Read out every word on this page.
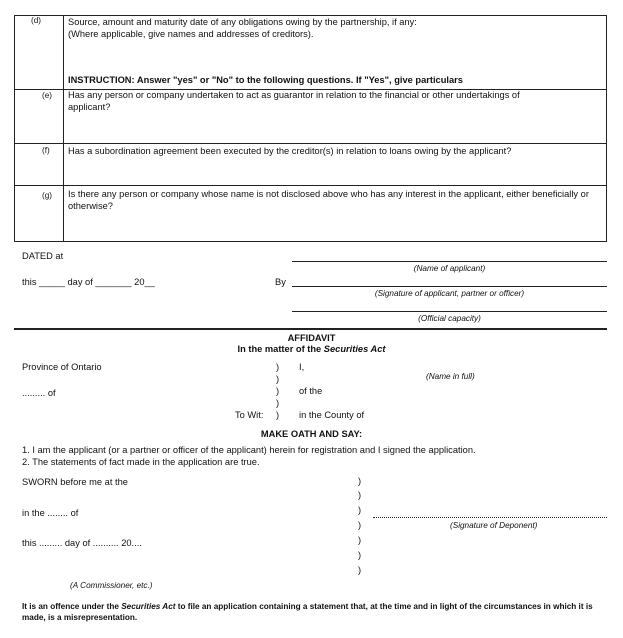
(d)	Source, amount and maturity date of any obligations owing by the partnership, if any:
(Where applicable, give names and addresses of creditors).
INSTRUCTION: Answer "yes" or "No" to the following questions. If "Yes", give particulars
(e) Has any person or company undertaken to act as guarantor in relation to the financial or other undertakings of applicant?
(f) Has a subordination agreement been executed by the creditor(s) in relation to loans owing by the applicant?
(g) Is there any person or company whose name is not disclosed above who has any interest in the applicant, either beneficially or otherwise?
DATED at
this _____ day of _______ 20__	By
(Name of applicant)
(Signature of applicant, partner or officer)
(Official capacity)
AFFIDAVIT
In the matter of the Securities Act
Province of Ontario
......... of
To Wit:
)
)
)
)
)
I,
(Name in full)
of the
in the County of
MAKE OATH AND SAY:
1. I am the applicant (or a partner or officer of the applicant) herein for registration and I signed the application.
2. The statements of fact made in the application are true.
SWORN before me at the
in the ........ of
this ......... day of .......... 20....
(A Commissioner, etc.)
)
)
)
)
)
)
)
(Signature of Deponent)
It is an offence under the Securities Act to file an application containing a statement that, at the time and in light of the circumstances in which it is made, is a misrepresentation.
